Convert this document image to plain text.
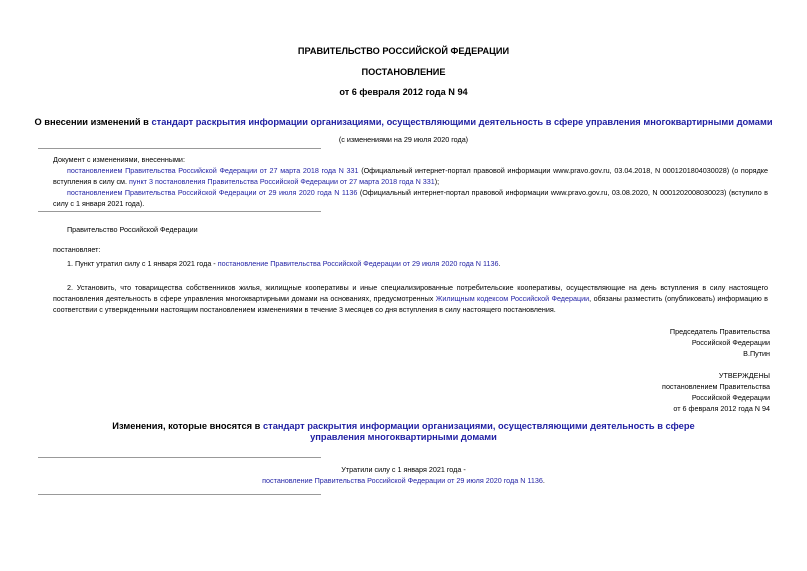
ПРАВИТЕЛЬСТВО РОССИЙСКОЙ ФЕДЕРАЦИИ
ПОСТАНОВЛЕНИЕ
от 6 февраля 2012 года N 94
О внесении изменений в стандарт раскрытия информации организациями, осуществляющими деятельность в сфере управления многоквартирными домами
(с изменениями на 29 июля 2020 года)

Документ с изменениями, внесенными:

постановлением Правительства Российской Федерации от 27 марта 2018 года N 331 (Официальный интернет-портал правовой информации www.pravo.gov.ru, 03.04.2018, N 0001201804030028) (о порядке вступления в силу см. пункт 3 постановления Правительства Российской Федерации от 27 марта 2018 года N 331);

постановлением Правительства Российской Федерации от 29 июля 2020 года N 1136 (Официальный интернет-портал правовой информации www.pravo.gov.ru, 03.08.2020, N 0001202008030023) (вступило в силу с 1 января 2021 года).

Правительство Российской Федерации

постановляет:

1. Пункт утратил силу с 1 января 2021 года - постановление Правительства Российской Федерации от 29 июля 2020 года N 1136.

2. Установить, что товарищества собственников жилья, жилищные кооперативы и иные специализированные потребительские кооперативы, осуществляющие на день вступления в силу настоящего постановления деятельность в сфере управления многоквартирными домами на основаниях, предусмотренных Жилищным кодексом Российской Федерации, обязаны разместить (опубликовать) информацию в соответствии с утвержденными настоящим постановлением изменениями в течение 3 месяцев со дня вступления в силу настоящего постановления.

Председатель Правительства

Российской Федерации

В.Путин

УТВЕРЖДЕНЫ

постановлением Правительства

Российской Федерации

от 6 февраля 2012 года N 94

Изменения, которые вносятся в стандарт раскрытия информации организациями, осуществляющими деятельность в сфере управления многоквартирными домами

Утратили силу с 1 января 2021 года -

постановление Правительства Российской Федерации от 29 июля 2020 года N 1136.
